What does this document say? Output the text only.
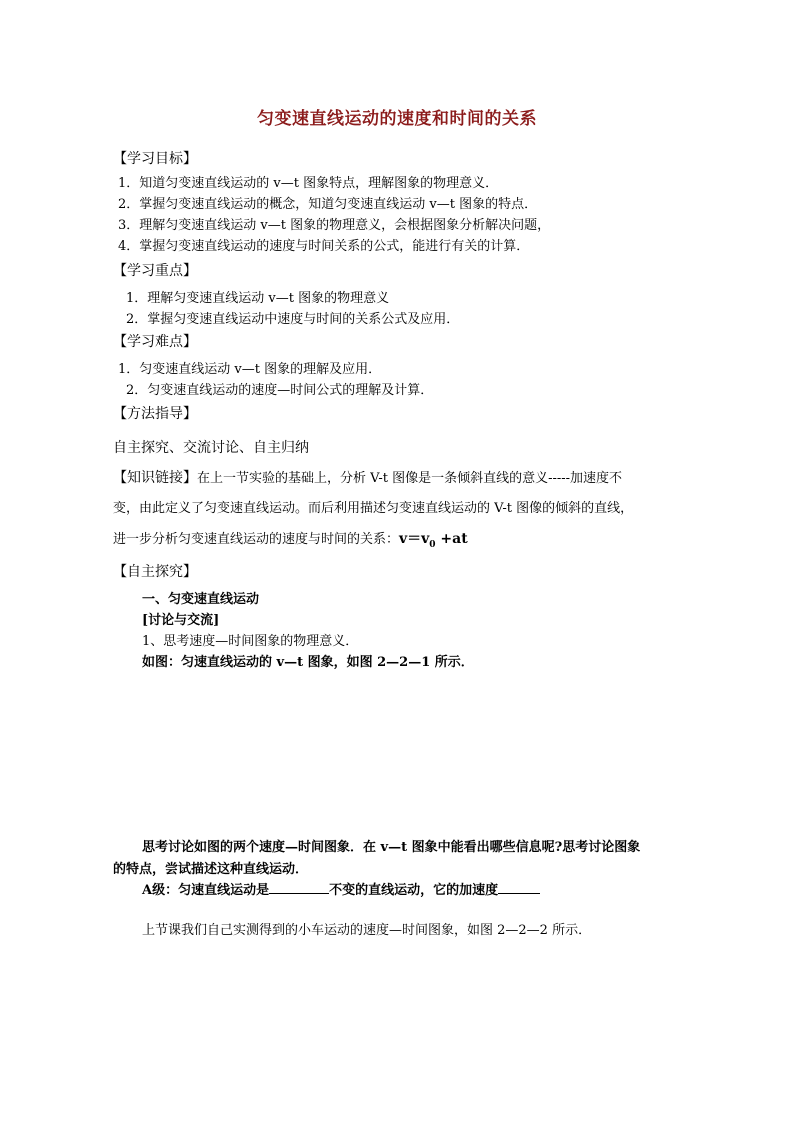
匀变速直线运动的速度和时间的关系
【学习目标】
1．知道匀变速直线运动的 v—t 图象特点，理解图象的物理意义．
2．掌握匀变速直线运动的概念，知道匀变速直线运动 v—t 图象的特点．
3．理解匀变速直线运动 v—t 图象的物理意义，会根据图象分析解决问题，
4．掌握匀变速直线运动的速度与时间关系的公式，能进行有关的计算．
【学习重点】
1．理解匀变速直线运动 v—t 图象的物理意义
2．掌握匀变速直线运动中速度与时间的关系公式及应用．
【学习难点】
1．匀变速直线运动 v—t 图象的理解及应用．
2．匀变速直线运动的速度—时间公式的理解及计算．
【方法指导】
自主探究、交流讨论、自主归纳
【知识链接】在上一节实验的基础上，分析 V-t 图像是一条倾斜直线的意义-----加速度不
变，由此定义了匀变速直线运动。而后利用描述匀变速直线运动的 V-t 图像的倾斜的直线，
进一步分析匀变速直线运动的速度与时间的关系：$v=v_0 +at$
【自主探究】
一、匀变速直线运动
[讨论与交流]
1、思考速度—时间图象的物理意义．
如图：匀速直线运动的 v—t 图象，如图 2—2—1 所示．
思考讨论如图的两个速度—时间图象．在 v—t 图象中能看出哪些信息呢?思考讨论图象
的特点，尝试描述这种直线运动．
A级：匀速直线运动是	不变的直线运动，它的加速度
上节课我们自己实测得到的小车运动的速度—时间图象，如图 2—2—2 所示．
